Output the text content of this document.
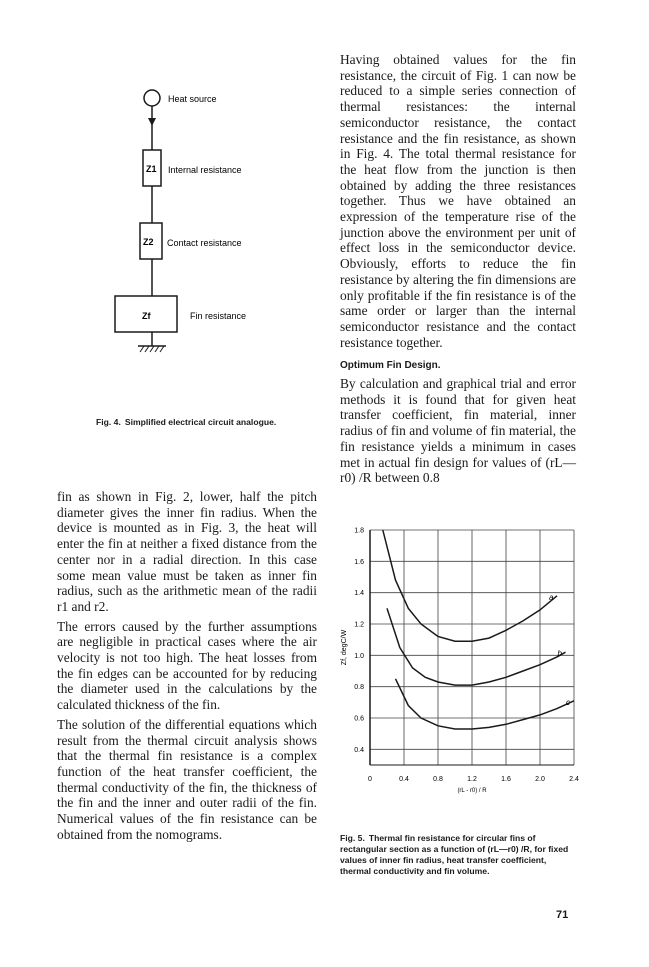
Having obtained values for the fin resistance, the circuit of Fig. 1 can now be reduced to a simple series connection of thermal resistances: the internal semiconductor resistance, the contact resistance and the fin resistance, as shown in Fig. 4. The total thermal resistance for the heat flow from the junction is then obtained by adding the three resistances together. Thus we have obtained an expression of the temperature rise of the junction above the environment per unit of effect loss in the semiconductor device. Obviously, efforts to reduce the fin resistance by altering the fin dimensions are only profitable if the fin resistance is of the same order or larger than the internal semiconductor resistance and the contact resistance together.

Optimum Fin Design.

By calculation and graphical trial and error methods it is found that for given heat transfer coefficient, fin material, inner radius of fin and volume of fin material, the fin resistance yields a minimum in cases met in actual fin design for values of (rL—r0) /R between 0.8

fin as shown in Fig. 2, lower, half the pitch diameter gives the inner fin radius. When the device is mounted as in Fig. 3, the heat will enter the fin at neither a fixed distance from the center nor in a radial direction. In this case some mean value must be taken as inner fin radius, such as the arithmetic mean of the radii r1 and r2.

The errors caused by the further assumptions are negligible in practical cases where the air velocity is not too high. The heat losses from the fin edges can be accounted for by reducing the diameter used in the calculations by the calculated thickness of the fin.

The solution of the differential equations which result from the thermal circuit analysis shows that the thermal fin resistance is a complex function of the heat transfer coefficient, the thermal conductivity of the fin, the thickness of the fin and the inner and outer radii of the fin. Numerical values of the fin resistance can be obtained from the nomograms.

Heat source
Z1 Internal resistance
Z2 Contact resistance
Zf	Fin resistance
Fig. 4. Simplified electrical circuit analogue.
0	0.4	0.8	1.2	1.6	2.0	2.4
1.8
1.6
1.4
1.2
1.0
0.8
0.6
0.4
(rL - r0) / R
Zf, degC/W
a
b
c
Fig. 5. Thermal fin resistance for circular fins of rectangular section as a function of (rL—r0) /R, for fixed values of inner fin radius, heat transfer coefficient, thermal conductivity and fin volume.
71
